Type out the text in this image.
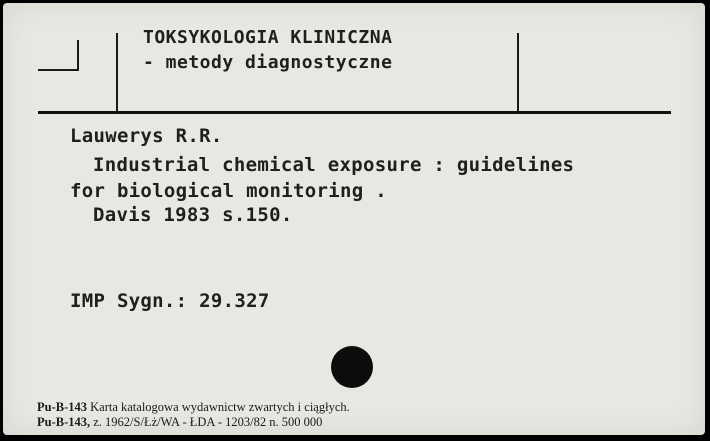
TOKSYKOLOGIA KLINICZNA
- metody diagnostyczne
Lauwerys R.R.
Industrial chemical exposure : guidelines
for biological monitoring .
Davis 1983 s.150.
IMP Sygn.: 29.327
Pu-B-143 Karta katalogowa wydawnictw zwartych i ciągłych.
Pu-B-143, z. 1962/S/Łż/WA - ŁDA - 1203/82 n. 500 000
